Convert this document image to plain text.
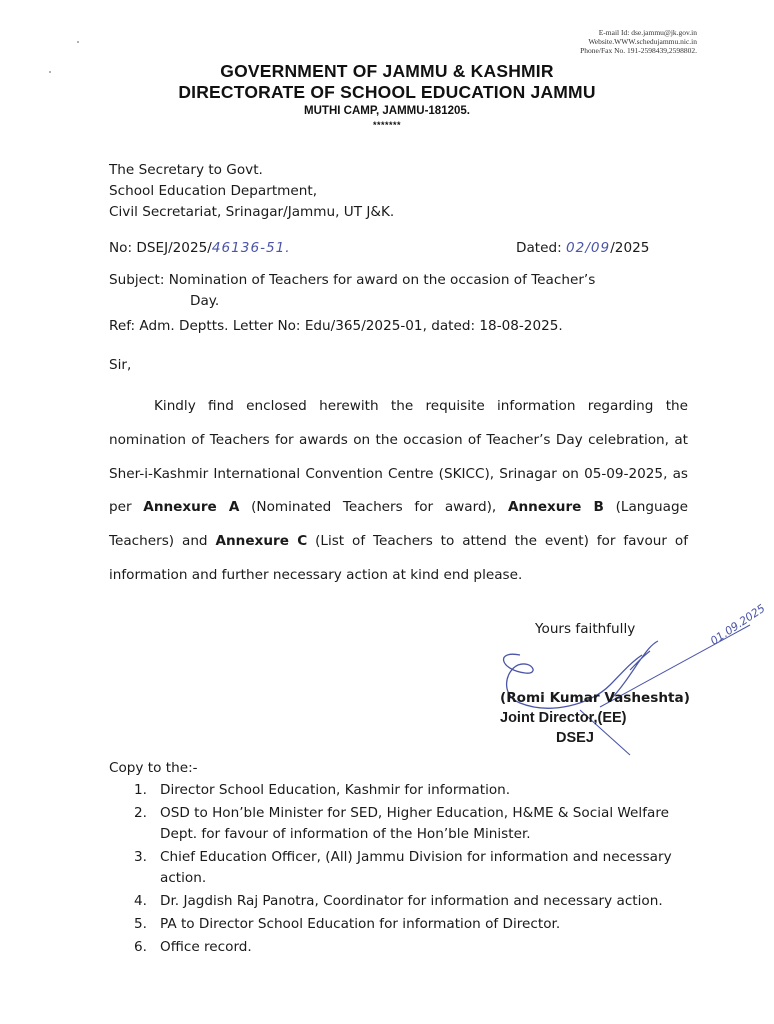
E-mail Id: dse.jammu@jk.gov.in
Website.WWW.schedujammu.nic.in
Phone/Fax No. 191-2598439,2598802.
GOVERNMENT OF JAMMU & KASHMIR
DIRECTORATE OF SCHOOL EDUCATION JAMMU
MUTHI CAMP, JAMMU-181205.
*******
The Secretary to Govt.
School Education Department,
Civil Secretariat, Srinagar/Jammu, UT J&K.
No: DSEJ/2025/46136-51.	Dated: 02/09/2025
Subject: Nomination of Teachers for award on the occasion of Teacher’s
Day.
Ref: Adm. Deptts. Letter No: Edu/365/2025-01, dated: 18-08-2025.
Sir,
Kindly find enclosed herewith the requisite information regarding the nomination of Teachers for awards on the occasion of Teacher’s Day celebration, at Sher-i-Kashmir International Convention Centre (SKICC), Srinagar on 05-09-2025, as per Annexure A (Nominated Teachers for award), Annexure B (Language Teachers) and Annexure C (List of Teachers to attend the event) for favour of information and further necessary action at kind end please.
Yours faithfully	01.09.2025
(Romi Kumar Vasheshta)
Joint Director,(EE)
DSEJ
Copy to the:-
1. Director School Education, Kashmir for information.
2. OSD to Hon’ble Minister for SED, Higher Education, H&ME & Social Welfare Dept. for favour of information of the Hon’ble Minister.
3. Chief Education Officer, (All) Jammu Division for information and necessary action.
4. Dr. Jagdish Raj Panotra, Coordinator for information and necessary action.
5. PA to Director School Education for information of Director.
6. Office record.
